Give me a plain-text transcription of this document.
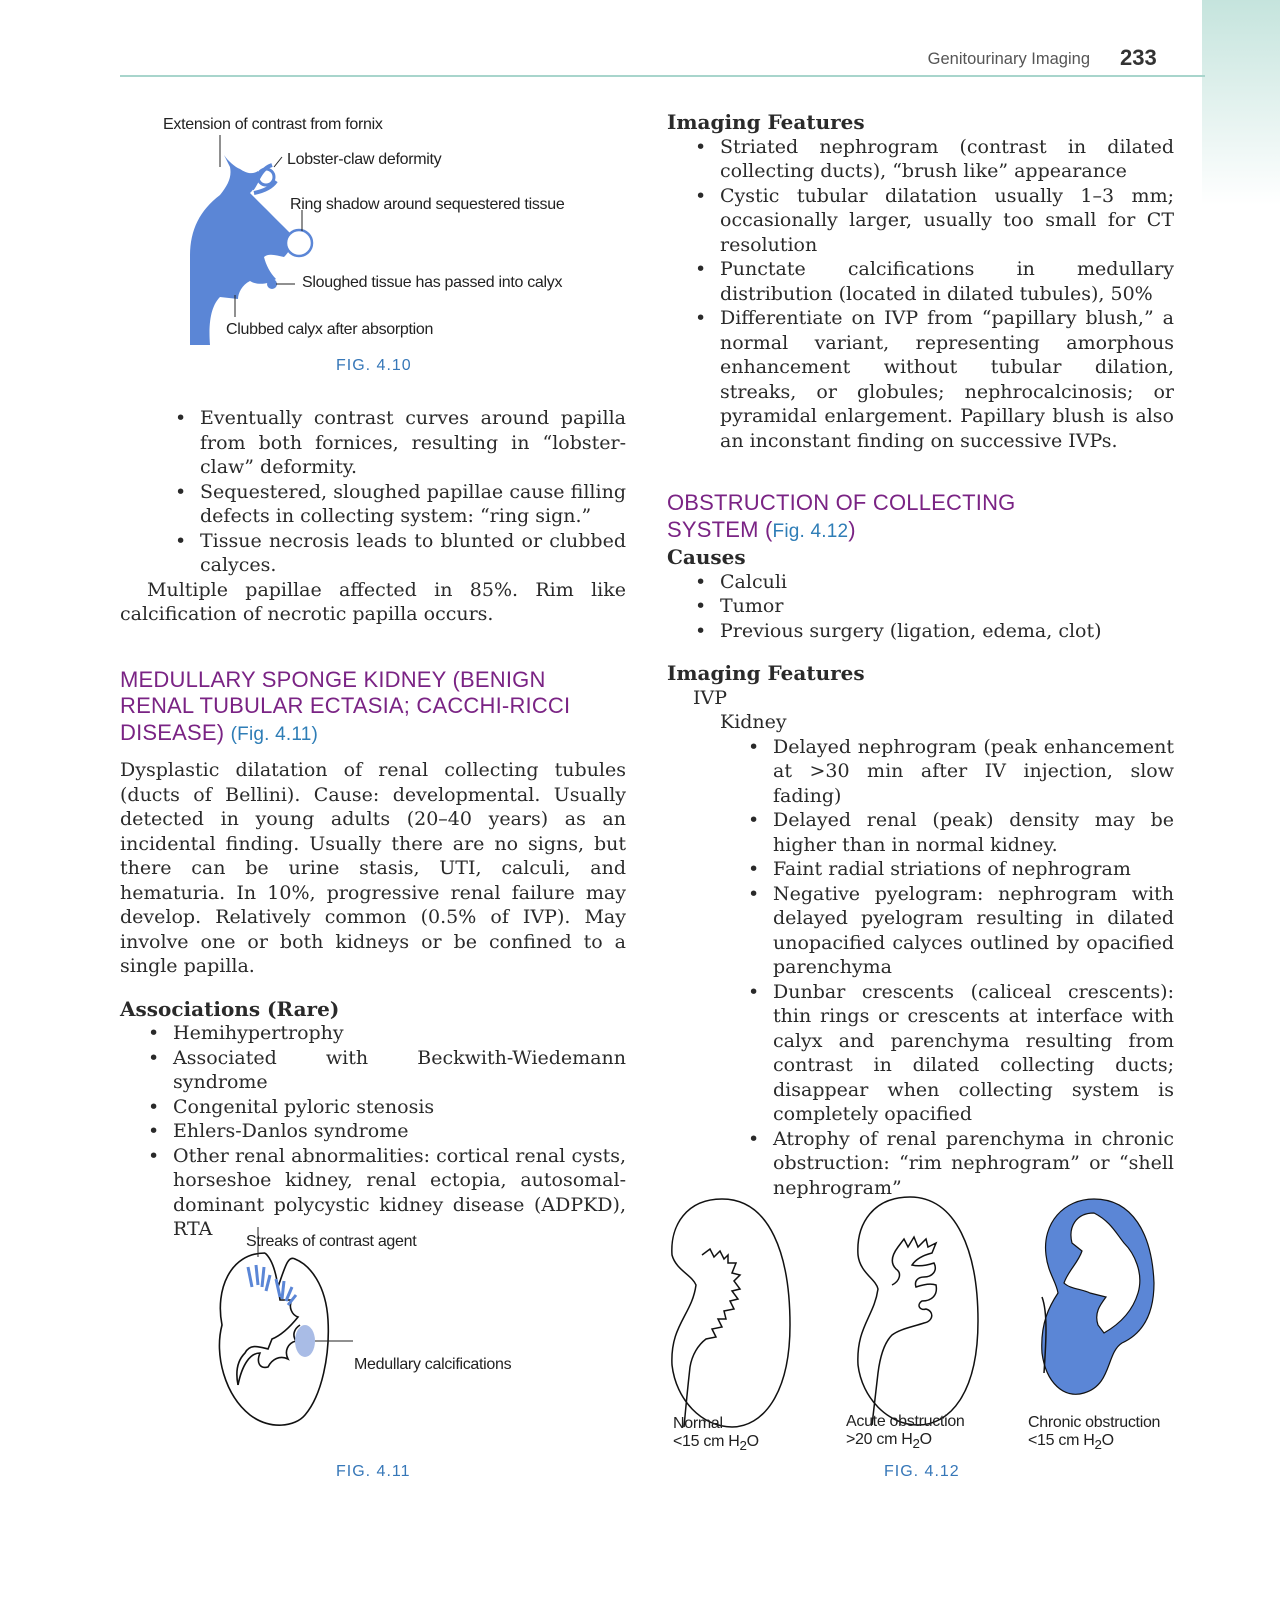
Genitourinary Imaging 233
Extension of contrast from fornix
Lobster-claw deformity
Ring shadow around sequestered tissue
Sloughed tissue has passed into calyx
Clubbed calyx after absorption
FIG. 4.10
• Eventually contrast curves around papilla from both fornices, resulting in “lobster-claw” deformity.
• Sequestered, sloughed papillae cause filling defects in collecting system: “ring sign.”
• Tissue necrosis leads to blunted or clubbed calyces.

Multiple papillae affected in 85%. Rim like calcification of necrotic papilla occurs.

MEDULLARY SPONGE KIDNEY (BENIGN
RENAL TUBULAR ECTASIA; CACCHI-RICCI
DISEASE) (Fig. 4.11)

Dysplastic dilatation of renal collecting tubules (ducts of Bellini). Cause: developmental. Usually detected in young adults (20–40 years) as an incidental finding. Usually there are no signs, but there can be urine stasis, UTI, calculi, and hematuria. In 10%, progressive renal failure may develop. Relatively common (0.5% of IVP). May involve one or both kidneys or be confined to a single papilla.

Associations (Rare)
• Hemihypertrophy
• Associated with Beckwith-Wiedemann syndrome
• Congenital pyloric stenosis
• Ehlers-Danlos syndrome
• Other renal abnormalities: cortical renal cysts, horseshoe kidney, renal ectopia, autosomal-dominant polycystic kidney disease (ADPKD), RTA
Imaging Features
• Striated nephrogram (contrast in dilated collecting ducts), “brush like” appearance
• Cystic tubular dilatation usually 1–3 mm; occasionally larger, usually too small for CT resolution
• Punctate calcifications in medullary distribution (located in dilated tubules), 50%
• Differentiate on IVP from “papillary blush,” a normal variant, representing amorphous enhancement without tubular dilation, streaks, or globules; nephrocalcinosis; or pyramidal enlargement. Papillary blush is also an inconstant finding on successive IVPs.
OBSTRUCTION OF COLLECTING
SYSTEM (Fig. 4.12)
Causes
• Calculi
• Tumor
• Previous surgery (ligation, edema, clot)
Imaging Features
IVP
Kidney
• Delayed nephrogram (peak enhancement at >30 min after IV injection, slow fading)
• Delayed renal (peak) density may be higher than in normal kidney.
• Faint radial striations of nephrogram
• Negative pyelogram: nephrogram with delayed pyelogram resulting in dilated unopacified calyces outlined by opacified parenchyma
• Dunbar crescents (caliceal crescents): thin rings or crescents at interface with calyx and parenchyma resulting from contrast in dilated collecting ducts; disappear when collecting system is completely opacified
• Atrophy of renal parenchyma in chronic obstruction: “rim nephrogram” or “shell nephrogram”
Streaks of contrast agent
Medullary calcifications
FIG. 4.11
Normal
<15 cm $H_2O$
Acute obstruction
>20 cm $H_2O$
Chronic obstruction
<15 cm $H_2O$
FIG. 4.12
